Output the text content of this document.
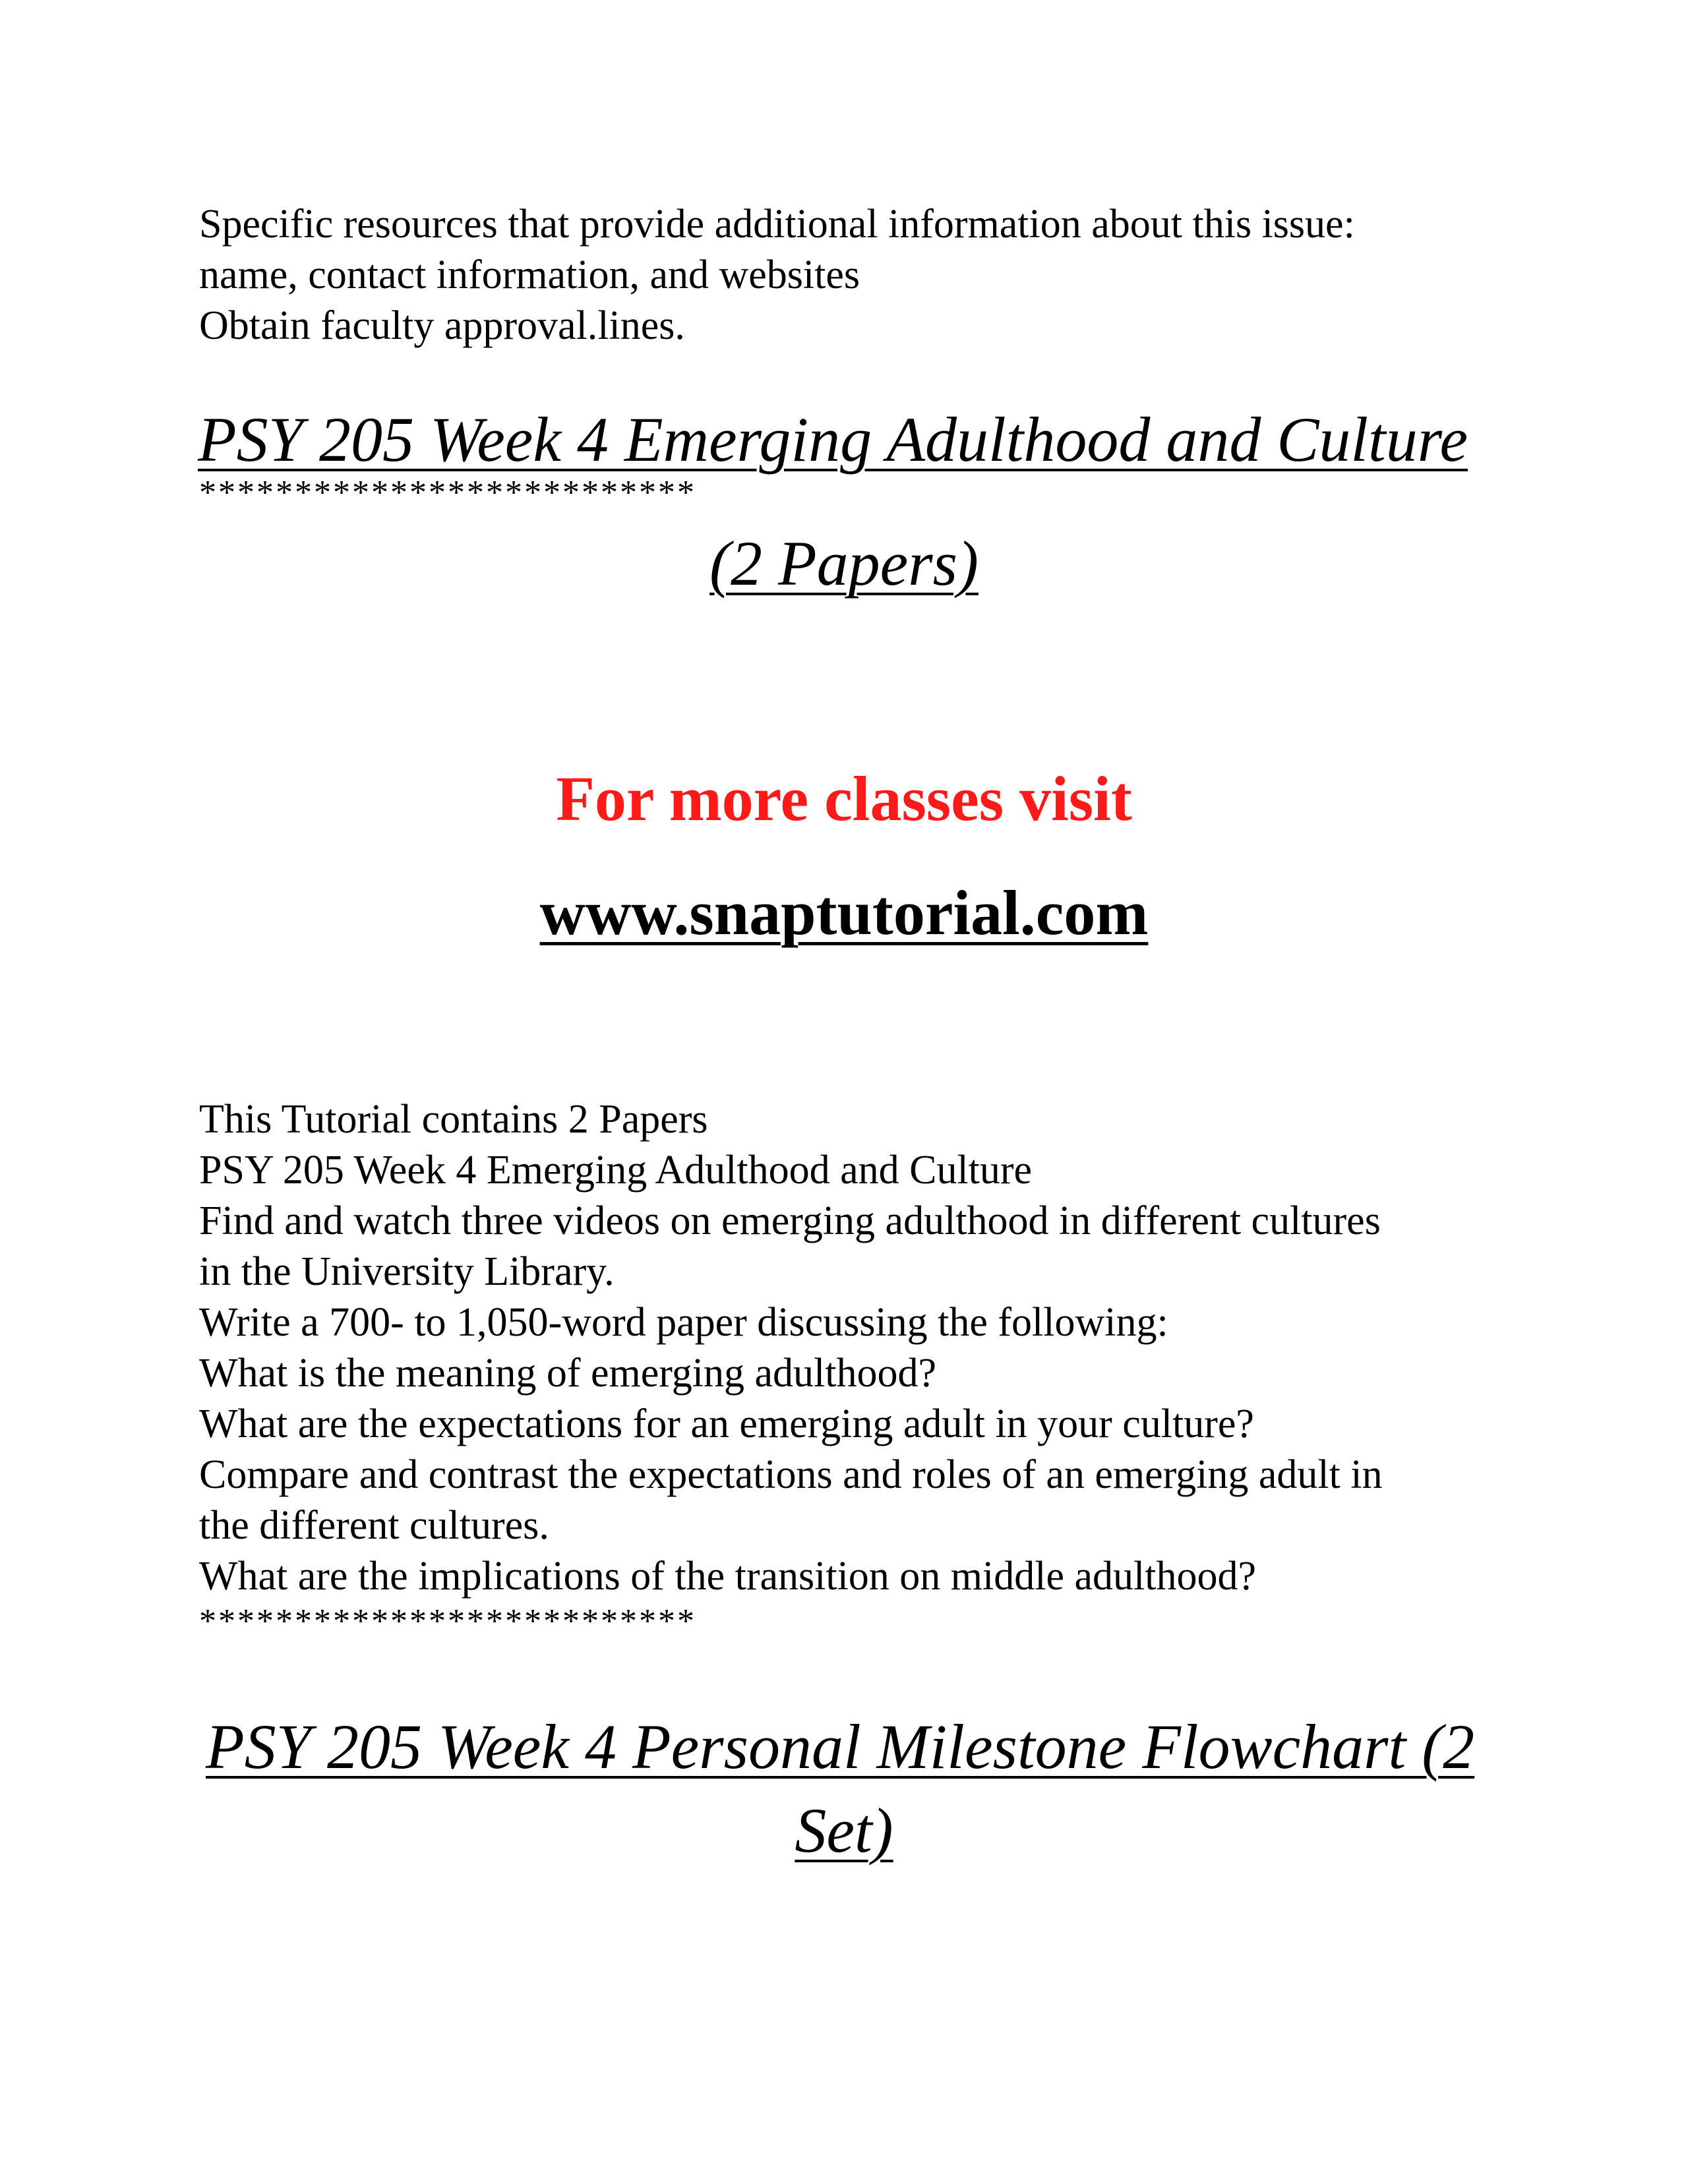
Specific resources that provide additional information about this issue:
name, contact information, and websites
Obtain faculty approval.lines.
PSY 205 Week 4 Emerging Adulthood and Culture
**************************
(2 Papers)
For more classes visit
www.snaptutorial.com
This Tutorial contains 2 Papers
PSY 205 Week 4 Emerging Adulthood and Culture
Find and watch three videos on emerging adulthood in different cultures
in the University Library.
Write a 700- to 1,050-word paper discussing the following:
What is the meaning of emerging adulthood?
What are the expectations for an emerging adult in your culture?
Compare and contrast the expectations and roles of an emerging adult in
the different cultures.
What are the implications of the transition on middle adulthood?
**************************
PSY 205 Week 4 Personal Milestone Flowchart (2
Set)
